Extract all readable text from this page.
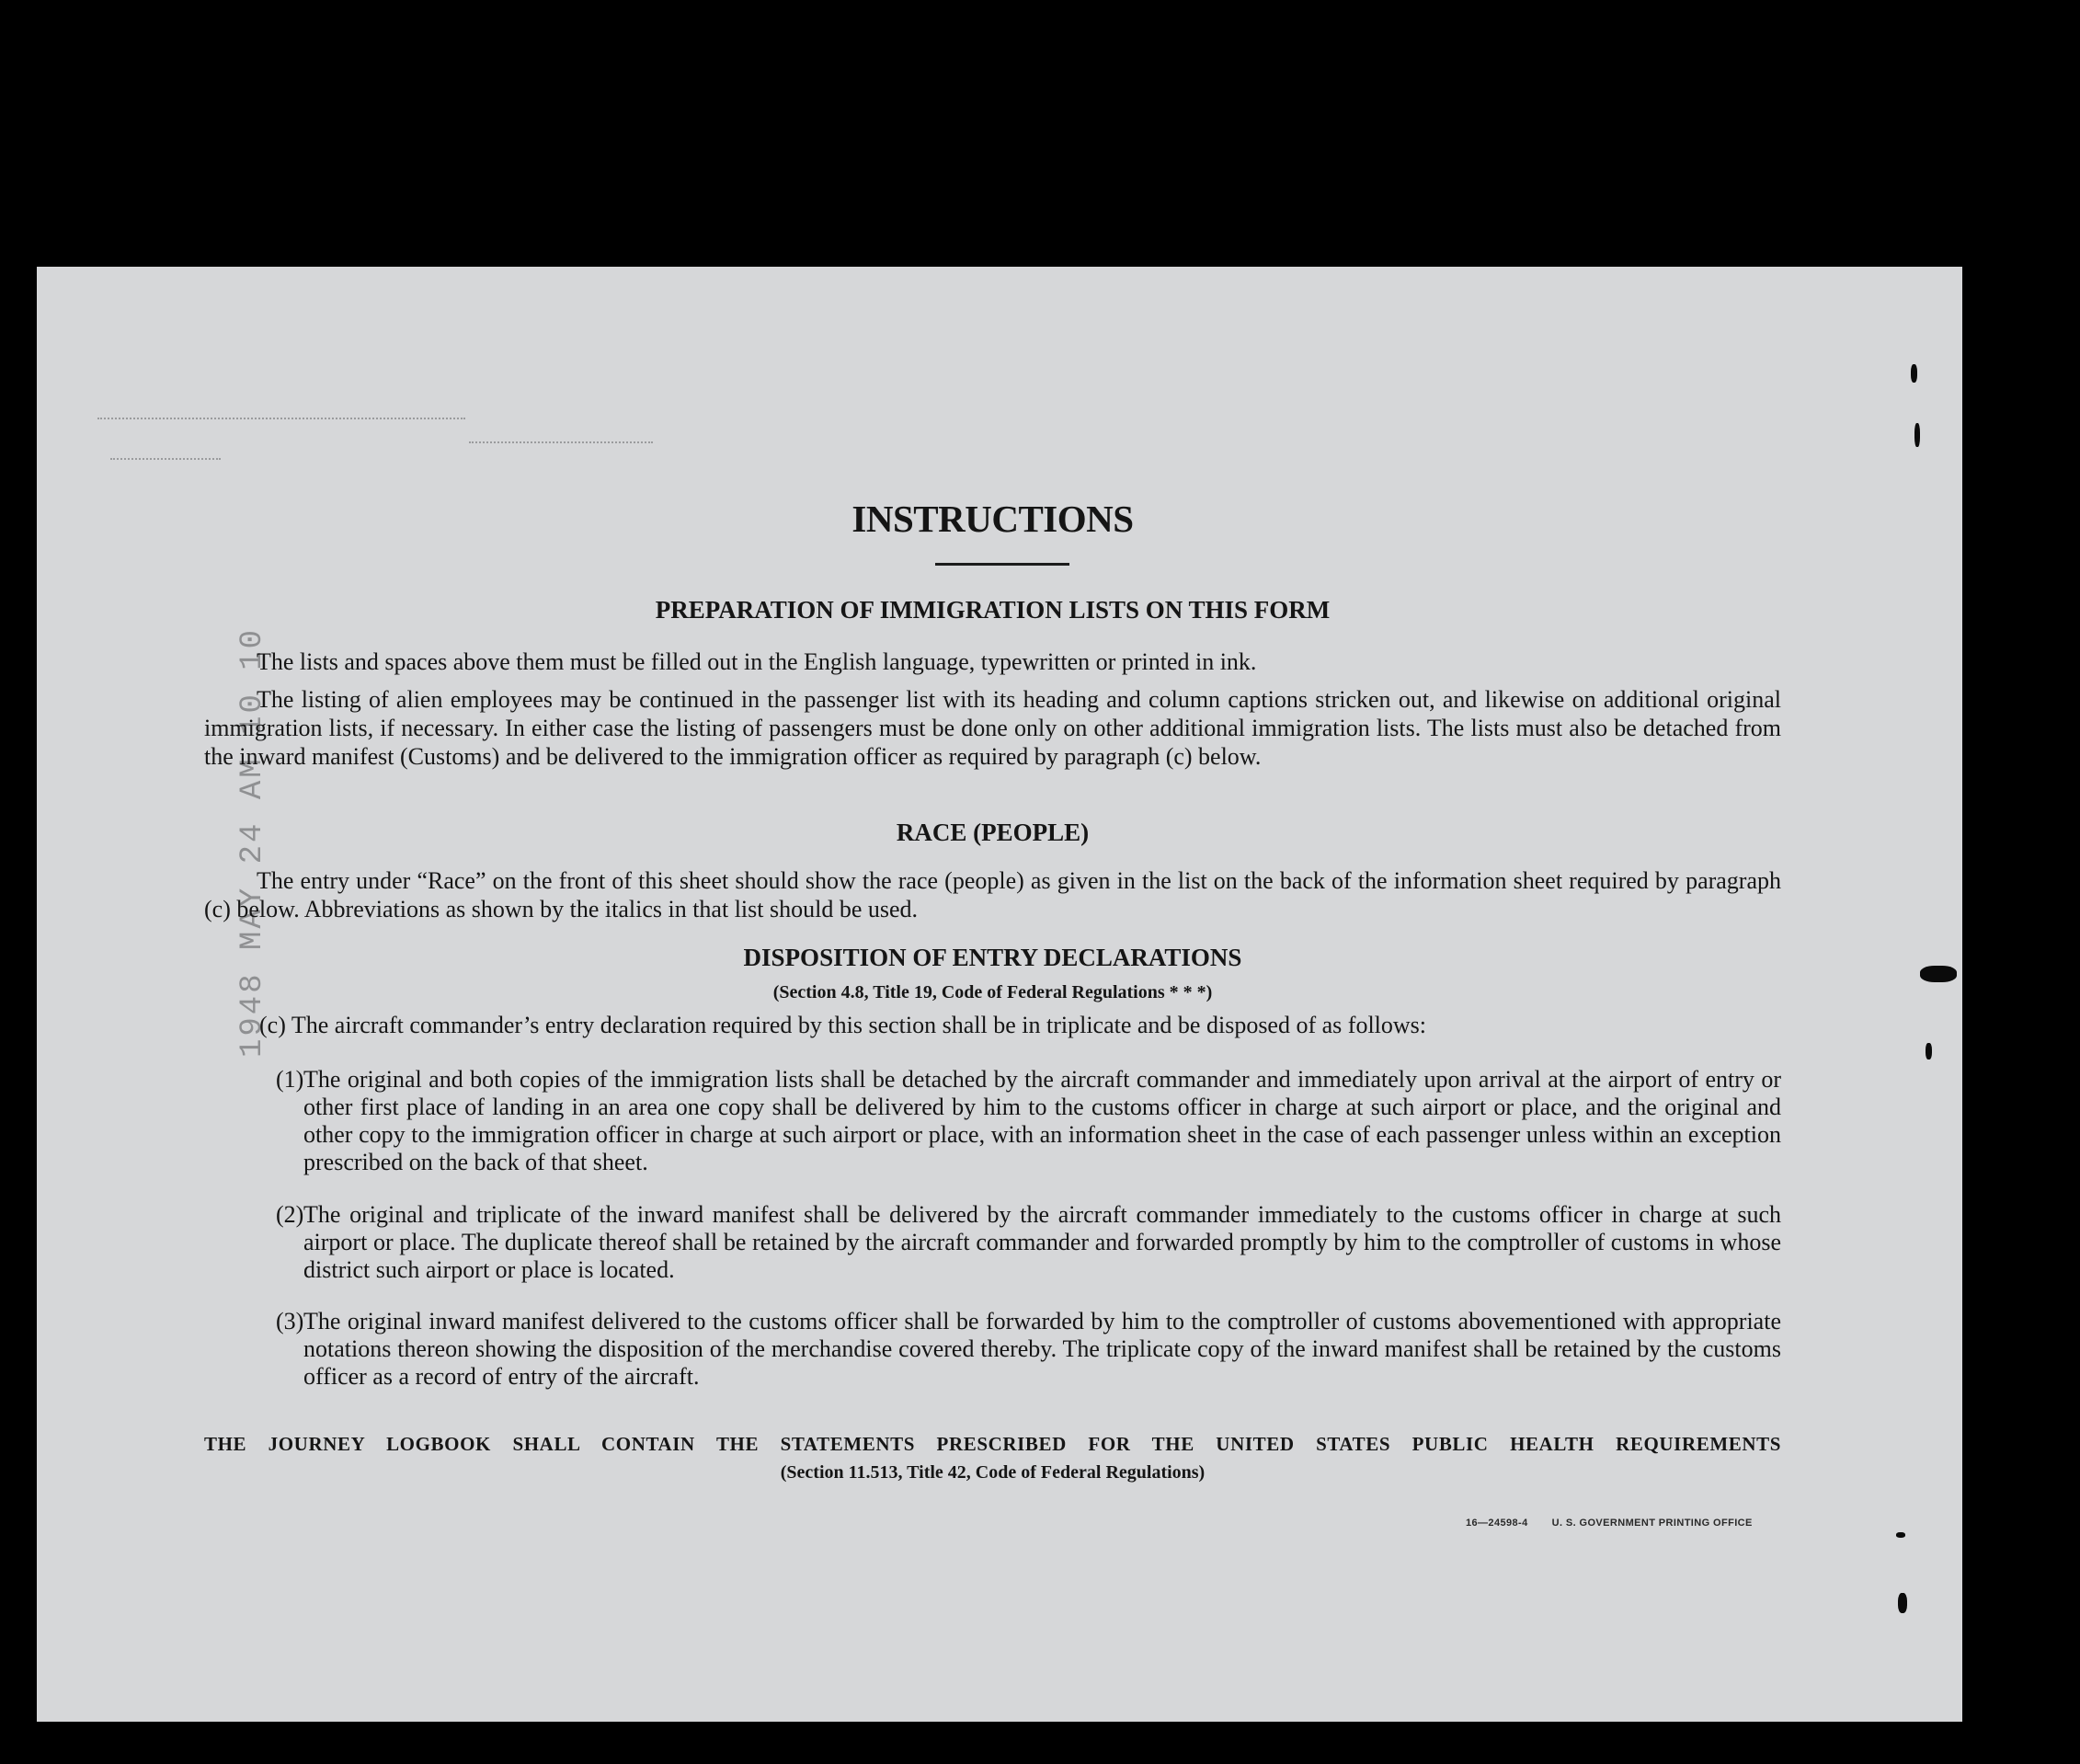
1948 MAY 24 AM 10 10
INSTRUCTIONS
PREPARATION OF IMMIGRATION LISTS ON THIS FORM

The lists and spaces above them must be filled out in the English language, typewritten or printed in ink.

The listing of alien employees may be continued in the passenger list with its heading and column captions stricken out, and likewise on additional original immigration lists, if necessary. In either case the listing of passengers must be done only on other additional immigration lists. The lists must also be detached from the inward manifest (Customs) and be delivered to the immigration officer as required by paragraph (c) below.

RACE (PEOPLE)

The entry under “Race” on the front of this sheet should show the race (people) as given in the list on the back of the information sheet required by paragraph (c) below. Abbreviations as shown by the italics in that list should be used.

DISPOSITION OF ENTRY DECLARATIONS
(Section 4.8, Title 19, Code of Federal Regulations * * *)

(c) The aircraft commander’s entry declaration required by this section shall be in triplicate and be disposed of as follows:

(1) The original and both copies of the immigration lists shall be detached by the aircraft commander and immediately upon arrival at the airport of entry or other first place of landing in an area one copy shall be delivered by him to the customs officer in charge at such airport or place, and the original and other copy to the immigration officer in charge at such airport or place, with an information sheet in the case of each passenger unless within an exception prescribed on the back of that sheet.
(2) The original and triplicate of the inward manifest shall be delivered by the aircraft commander immediately to the customs officer in charge at such airport or place. The duplicate thereof shall be retained by the aircraft commander and forwarded promptly by him to the comptroller of customs in whose district such airport or place is located.
(3) The original inward manifest delivered to the customs officer shall be forwarded by him to the comptroller of customs abovementioned with appropriate notations thereon showing the disposition of the merchandise covered thereby. The triplicate copy of the inward manifest shall be retained by the customs officer as a record of entry of the aircraft.
THE JOURNEY LOGBOOK SHALL CONTAIN THE STATEMENTS PRESCRIBED FOR THE UNITED STATES PUBLIC HEALTH REQUIREMENTS
(Section 11.513, Title 42, Code of Federal Regulations)
16—24598-4 U. S. GOVERNMENT PRINTING OFFICE
